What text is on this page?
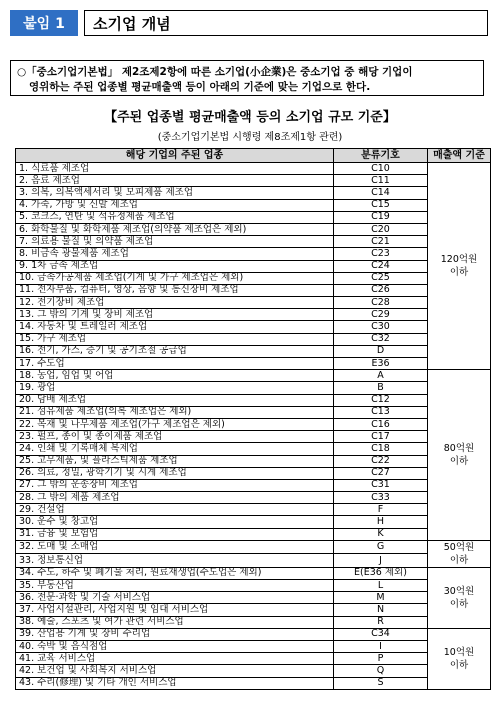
붙임 1	소기업 개념
○「중소기업기본법」 제2조제2항에 따른 소기업(小企業)은 중소기업 중 해당 기업이
영위하는 주된 업종별 평균매출액 등이 아래의 기준에 맞는 기업으로 한다.
【주된 업종별 평균매출액 등의 소기업 규모 기준】
(중소기업기본법 시행령 제8조제1항 관련)
해당 기업의 주된 업종	분류기호	매출액 기준
1. 식료품 제조업	C10	120억원
이하
2. 음료 제조업	C11	
3. 의복, 의복액세서리 및 모피제품 제조업	C14	
4. 가죽, 가방 및 신발 제조업	C15	
5. 코크스, 연탄 및 석유정제품 제조업	C19	
6. 화학물질 및 화학제품 제조업(의약품 제조업은 제외)	C20	
7. 의료용 물질 및 의약품 제조업	C21	
8. 비금속 광물제품 제조업	C23	
9. 1차 금속 제조업	C24	
10. 금속가공제품 제조업(기계 및 가구 제조업은 제외)	C25	
11. 전자부품, 컴퓨터, 영상, 음향 및 통신장비 제조업	C26	
12. 전기장비 제조업	C28	
13. 그 밖의 기계 및 장비 제조업	C29	
14. 자동차 및 트레일러 제조업	C30	
15. 가구 제조업	C32	
16. 전기, 가스, 증기 및 공기조절 공급업	D	
17. 수도업	E36	
18. 농업, 임업 및 어업	A	80억원
이하
19. 광업	B	
20. 담배 제조업	C12	
21. 섬유제품 제조업(의복 제조업은 제외)	C13	
22. 목재 및 나무제품 제조업(가구 제조업은 제외)	C16	
23. 펄프, 종이 및 종이제품 제조업	C17	
24. 인쇄 및 기록매체 복제업	C18	
25. 고무제품, 및 플라스틱제품 제조업	C22	
26. 의료, 정밀, 광학기기 및 시계 제조업	C27	
27. 그 밖의 운송장비 제조업	C31	
28. 그 밖의 제품 제조업	C33	
29. 건설업	F	
30. 운수 및 창고업	H	
31. 금융 및 보험업	K	
32. 도매 및 소매업	G	50억원
이하
33. 정보통신업	J	
34. 수도, 하수 및 폐기물 처리, 원료재생업(수도업은 제외)	E(E36 제외)	30억원
이하
35. 부동산업	L	
36. 전문·과학 및 기술 서비스업	M	
37. 사업시설관리, 사업지원 및 임대 서비스업	N	
38. 예술, 스포츠 및 여가 관련 서비스업	R	
39. 산업용 기계 및 장비 수리업	C34	10억원
이하
40. 숙박 및 음식점업	I	
41. 교육 서비스업	P	
42. 보건업 및 사회복지 서비스업	Q	
43. 수리(修理) 및 기타 개인 서비스업	S	
